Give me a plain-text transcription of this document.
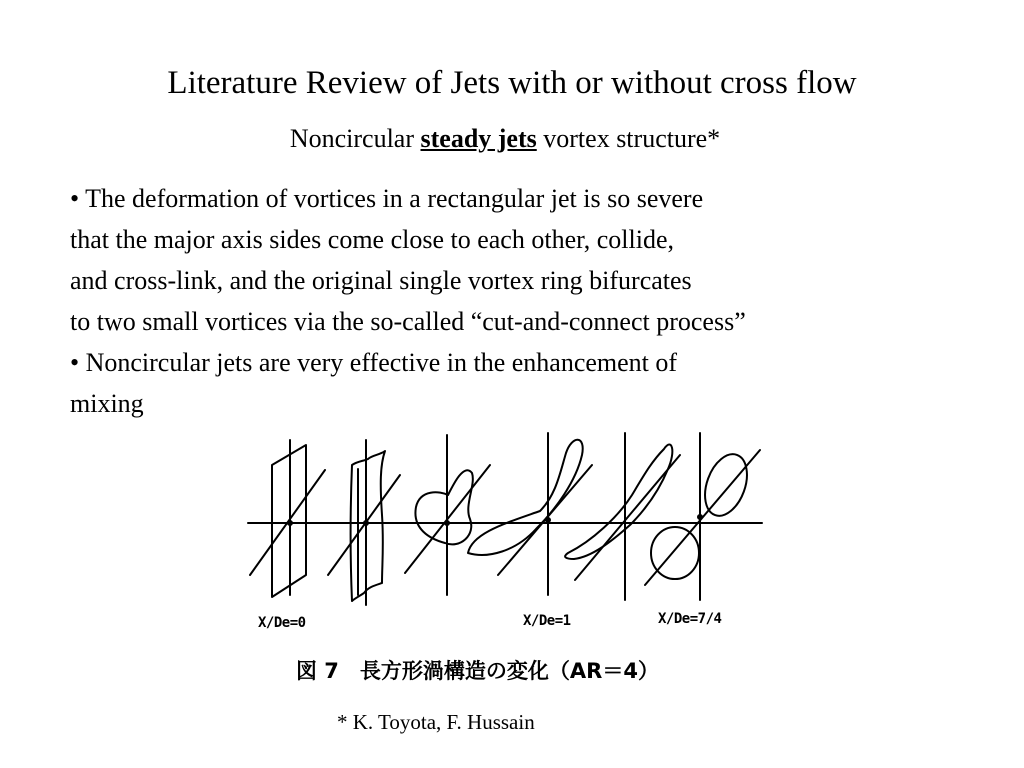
Literature Review of Jets with or without cross flow
Noncircular steady jets vortex structure*
• The deformation of vortices in a rectangular jet is so severe
that the major axis sides come close to each other, collide,
and cross-link, and the original single vortex ring bifurcates
to two small vortices via the so-called “cut-and-connect process”
• Noncircular jets are very effective in the enhancement of
mixing
X/De=0	X/De=1	X/De=7/4
図 7　長方形渦構造の変化（AR＝4）
* K. Toyota, F. Hussain
